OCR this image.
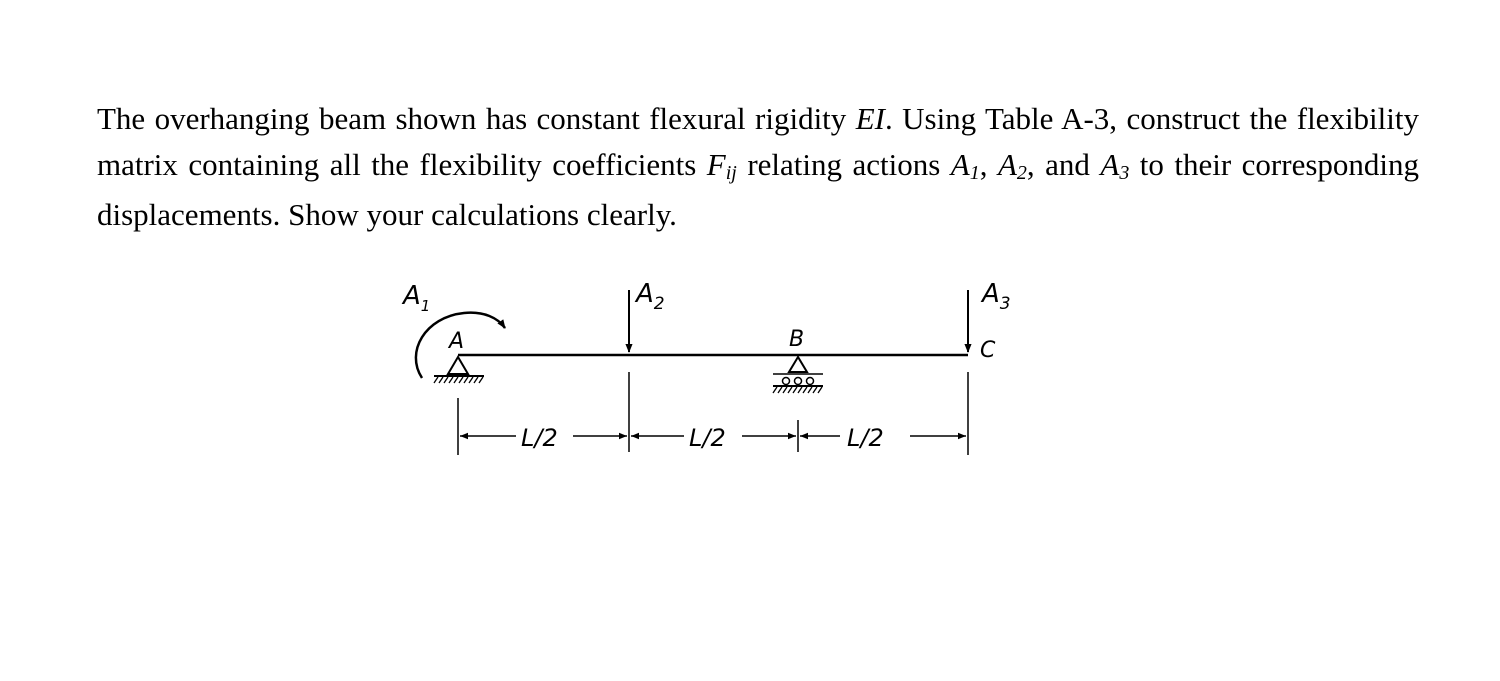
The overhanging beam shown has constant flexural rigidity EI. Using Table A-3, construct the flexibility matrix containing all the flexibility coefficients Fij relating actions A1, A2, and A3 to their corresponding displacements. Show your calculations clearly.

$A_1$	$A_2$	$A_3$
A	B	C
L/2	L/2	L/2
